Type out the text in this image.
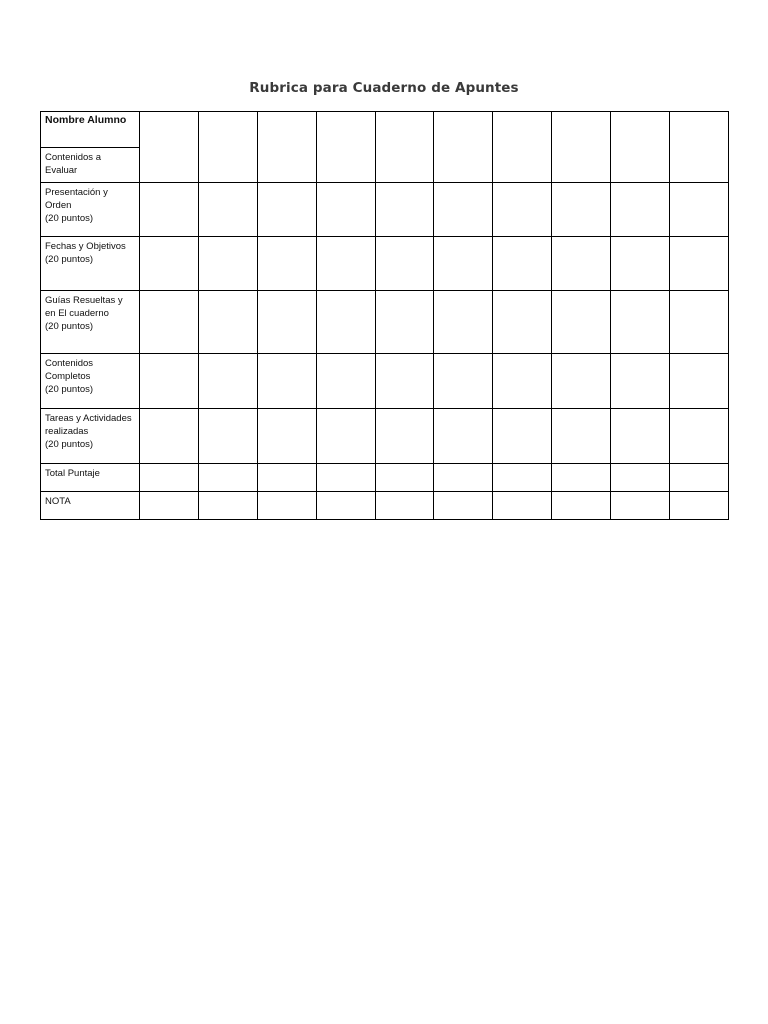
Rubrica para Cuaderno de Apuntes
Nombre Alumno										

Contenidos a
Evaluar										

Presentación y
Orden
(20 puntos)										

Fechas y Objetivos
(20 puntos)										

Guías Resueltas y
en El cuaderno
(20 puntos)										

Contenidos
Completos
(20 puntos)										

Tareas y Actividades
realizadas
(20 puntos)										

Total Puntaje										

NOTA										
